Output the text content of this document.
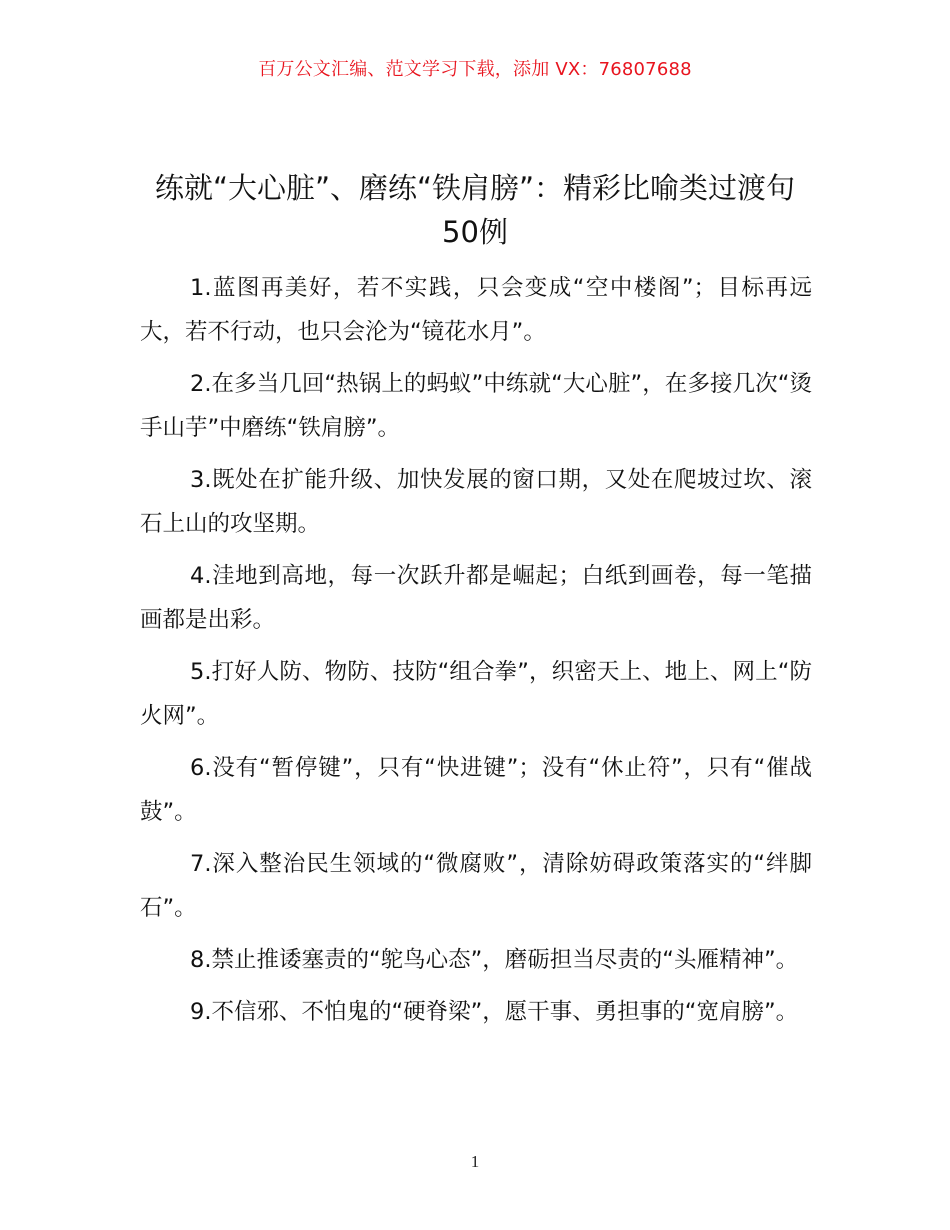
百万公文汇编、范文学习下载，添加 VX：76807688
练就“大心脏”、磨练“铁肩膀”：精彩比喻类过渡句50例

1.蓝图再美好，若不实践，只会变成“空中楼阁”；目标再远大，若不行动，也只会沦为“镜花水月”。

2.在多当几回“热锅上的蚂蚁”中练就“大心脏”，在多接几次“烫手山芋”中磨练“铁肩膀”。

3.既处在扩能升级、加快发展的窗口期，又处在爬坡过坎、滚石上山的攻坚期。

4.洼地到高地，每一次跃升都是崛起；白纸到画卷，每一笔描画都是出彩。

5.打好人防、物防、技防“组合拳”，织密天上、地上、网上“防火网”。

6.没有“暂停键”，只有“快进键”；没有“休止符”，只有“催战鼓”。

7.深入整治民生领域的“微腐败”，清除妨碍政策落实的“绊脚石”。

8.禁止推诿塞责的“鸵鸟心态”，磨砺担当尽责的“头雁精神”。

9.不信邪、不怕鬼的“硬脊梁”，愿干事、勇担事的“宽肩膀”。

1
